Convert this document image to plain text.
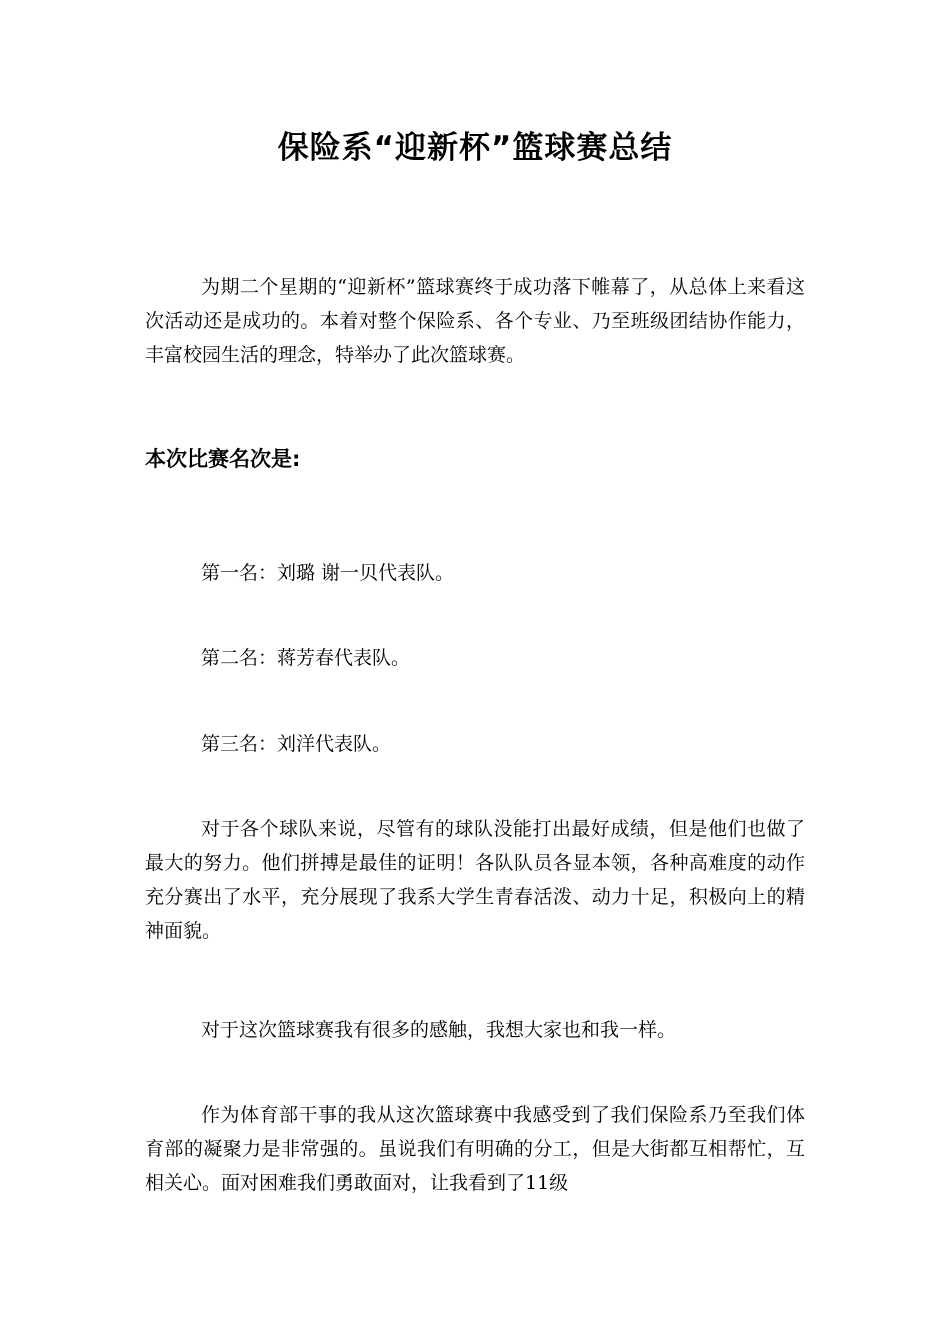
保险系“迎新杯”篮球赛总结

为期二个星期的“迎新杯”篮球赛终于成功落下帷幕了，从总体上来看这次活动还是成功的。本着对整个保险系、各个专业、乃至班级团结协作能力，丰富校园生活的理念，特举办了此次篮球赛。

本次比赛名次是:

第一名：刘璐 谢一贝代表队。

第二名：蒋芳春代表队。

第三名：刘洋代表队。

对于各个球队来说，尽管有的球队没能打出最好成绩，但是他们也做了最大的努力。他们拼搏是最佳的证明！各队队员各显本领，各种高难度的动作充分赛出了水平，充分展现了我系大学生青春活泼、动力十足，积极向上的精神面貌。

对于这次篮球赛我有很多的感触，我想大家也和我一样。

作为体育部干事的我从这次篮球赛中我感受到了我们保险系乃至我们体育部的凝聚力是非常强的。虽说我们有明确的分工，但是大街都互相帮忙，互相关心。面对困难我们勇敢面对，让我看到了11级
